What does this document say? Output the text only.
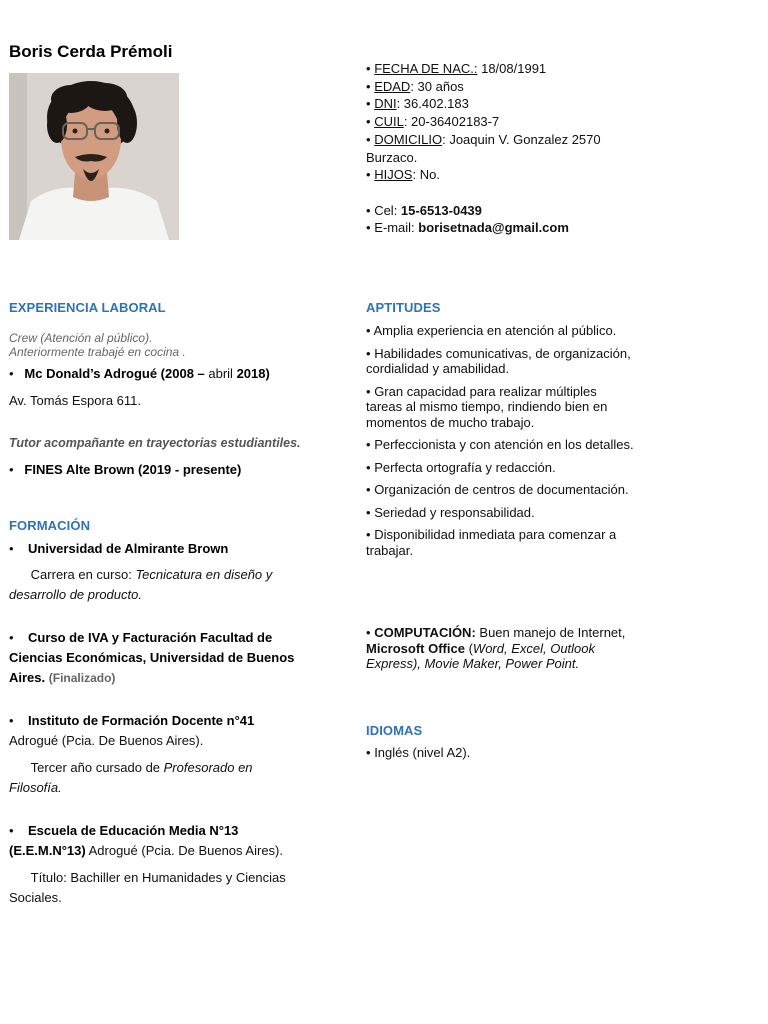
Boris Cerda Prémoli
• FECHA DE NAC.: 18/08/1991
• EDAD: 30 años
• DNI: 36.402.183
• CUIL: 20-36402183-7
• DOMICILIO: Joaquin V. Gonzalez 2570 Burzaco.
• HIJOS: No.
• Cel: 15-6513-0439
• E-mail: borisetnada@gmail.com
EXPERIENCIA LABORAL
Crew (Atención al público).
Anteriormente trabajé en cocina .
• Mc Donald’s Adrogué (2008 – abril 2018)
Av. Tomás Espora 611.
Tutor acompañante en trayectorias estudiantiles.
• FINES Alte Brown (2019 - presente)
FORMACIÓN
• Universidad de Almirante Brown
Carrera en curso: Tecnicatura en diseño y desarrollo de producto.
• Curso de IVA y Facturación Facultad de Ciencias Económicas, Universidad de Buenos Aires. (Finalizado)
• Instituto de Formación Docente n°41
Adrogué (Pcia. De Buenos Aires).
Tercer año cursado de Profesorado en Filosofía.
• Escuela de Educación Media N°13
(E.E.M.N°13) Adrogué (Pcia. De Buenos Aires).
Título: Bachiller en Humanidades y Ciencias Sociales.
APTITUDES

• Amplia experiencia en atención al público.

• Habilidades comunicativas, de organización, cordialidad y amabilidad.

• Gran capacidad para realizar múltiples tareas al mismo tiempo, rindiendo bien en momentos de mucho trabajo.

• Perfeccionista y con atención en los detalles.

• Perfecta ortografía y redacción.

• Organización de centros de documentación.

• Seriedad y responsabilidad.

• Disponibilidad inmediata para comenzar a trabajar.

• COMPUTACIÓN: Buen manejo de Internet, Microsoft Office (Word, Excel, Outlook Express), Movie Maker, Power Point.
IDIOMAS
• Inglés (nivel A2).
